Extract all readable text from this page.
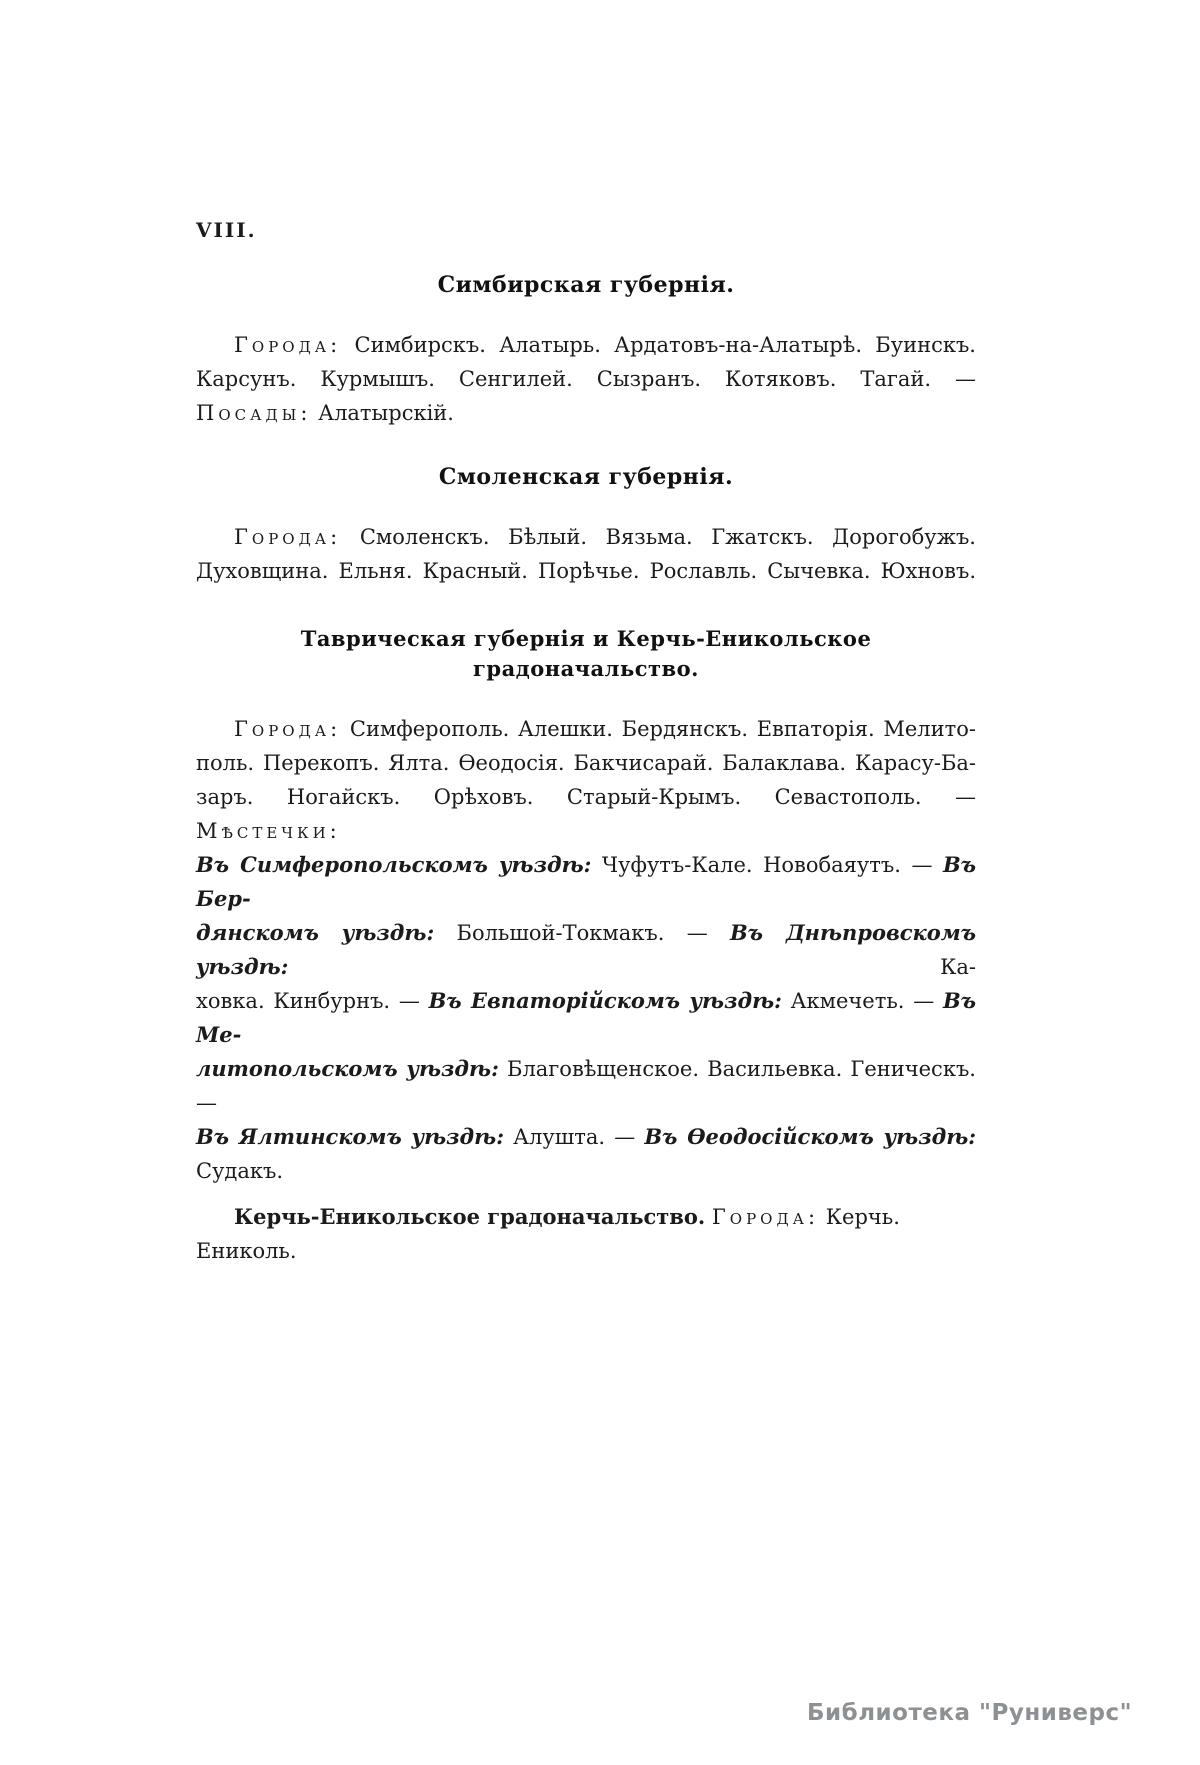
VIII.
Симбирская губернія.
Города: Симбирскъ. Алатырь. Ардатовъ-на-Алатырѣ. Буинскъ.
Карсунъ. Курмышъ. Сенгилей. Сызранъ. Котяковъ. Тагай. —
Посады: Алатырскій.
Смоленская губернія.
Города: Смоленскъ. Бѣлый. Вязьма. Гжатскъ. Дорогобужъ.
Духовщина. Ельня. Красный. Порѣчье. Рославль. Сычевка. Юхновъ.
Таврическая губернія и Керчь-Еникольское градоначальство.
Города: Симферополь. Алешки. Бердянскъ. Евпаторія. Мелито-
поль. Перекопъ. Ялта. Ѳеодосія. Бакчисарай. Балаклава. Карасу-Ба-
заръ. Ногайскъ. Орѣховъ. Старый-Крымъ. Севастополь. — Мѣстечки:
Въ Симферопольскомъ уѣздѣ: Чуфутъ-Кале. Новобаяутъ. — Въ Бер-
дянскомъ уѣздѣ: Большой-Токмакъ. — Въ Днѣпровскомъ уѣздѣ: Ка-
ховка. Кинбурнъ. — Въ Евпаторійскомъ уѣздѣ: Акмечеть. — Въ Ме-
литопольскомъ уѣздѣ: Благовѣщенское. Васильевка. Геническъ. —
Въ Ялтинскомъ уѣздѣ: Алушта. — Въ Ѳеодосійскомъ уѣздѣ: Судакъ.
Керчь-Еникольское градоначальство. Города: Керчь. Ениколь.
Библиотека "Руниверс"
